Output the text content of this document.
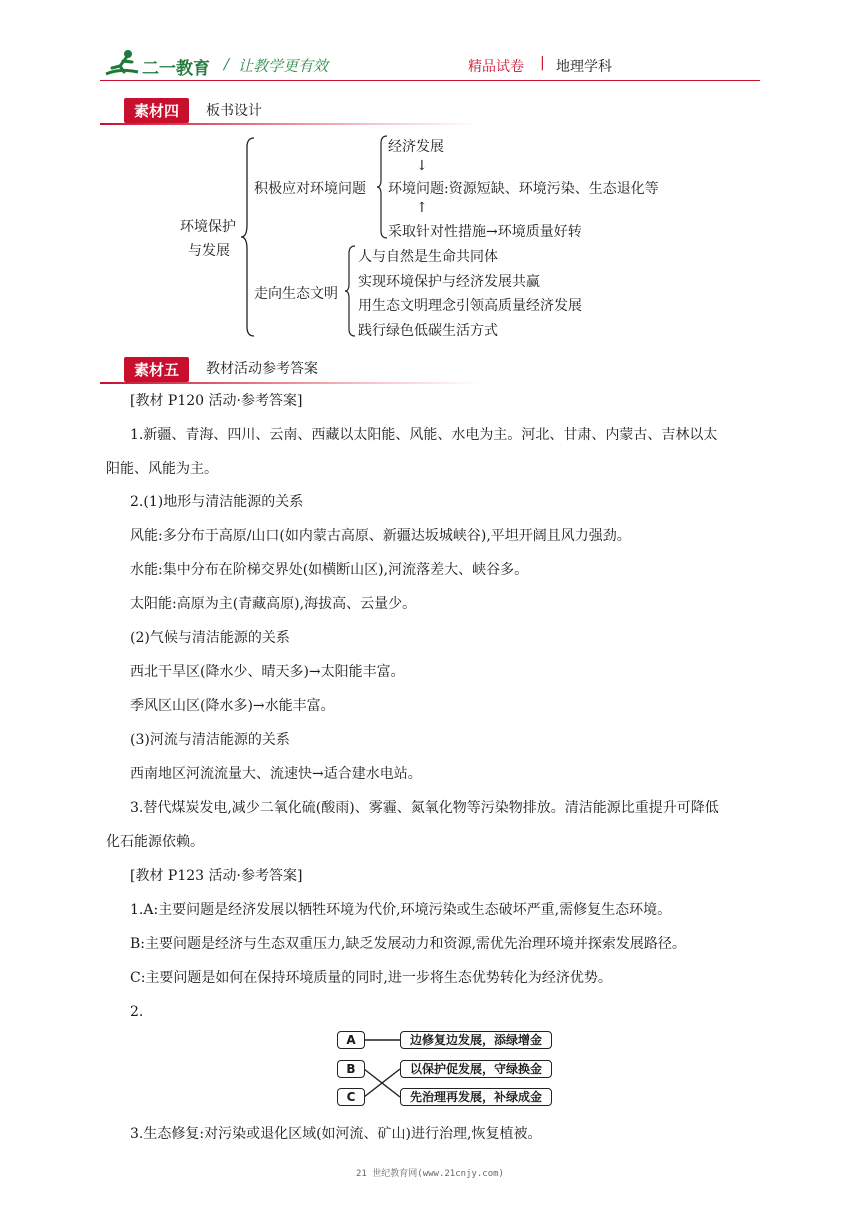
二一教育 / 让教学更有效	精品试卷 | 地理学科
素材四	板书设计
环境保护
与发展
积极应对环境问题
经济发展
↓
环境问题:资源短缺、环境污染、生态退化等
↑
采取针对性措施→环境质量好转
走向生态文明
人与自然是生命共同体
实现环境保护与经济发展共赢
用生态文明理念引领高质量经济发展
践行绿色低碳生活方式
素材五	教材活动参考答案
[教材 P120 活动·参考答案]
1.新疆、青海、四川、云南、西藏以太阳能、风能、水电为主。河北、甘肃、内蒙古、吉林以太
阳能、风能为主。
2.(1)地形与清洁能源的关系
风能:多分布于高原/山口(如内蒙古高原、新疆达坂城峡谷),平坦开阔且风力强劲。
水能:集中分布在阶梯交界处(如横断山区),河流落差大、峡谷多。
太阳能:高原为主(青藏高原),海拔高、云量少。
(2)气候与清洁能源的关系
西北干旱区(降水少、晴天多)→太阳能丰富。
季风区山区(降水多)→水能丰富。
(3)河流与清洁能源的关系
西南地区河流流量大、流速快→适合建水电站。
3.替代煤炭发电,减少二氧化硫(酸雨)、雾霾、氮氧化物等污染物排放。清洁能源比重提升可降低
化石能源依赖。
[教材 P123 活动·参考答案]
1.A:主要问题是经济发展以牺牲环境为代价,环境污染或生态破坏严重,需修复生态环境。
B:主要问题是经济与生态双重压力,缺乏发展动力和资源,需优先治理环境并探索发展路径。
C:主要问题是如何在保持环境质量的同时,进一步将生态优势转化为经济优势。
2.
A
B
C
边修复边发展，添绿增金
以保护促发展，守绿换金
先治理再发展，补绿成金
3.生态修复:对污染或退化区域(如河流、矿山)进行治理,恢复植被。
21 世纪教育网(www.21cnjy.com)
